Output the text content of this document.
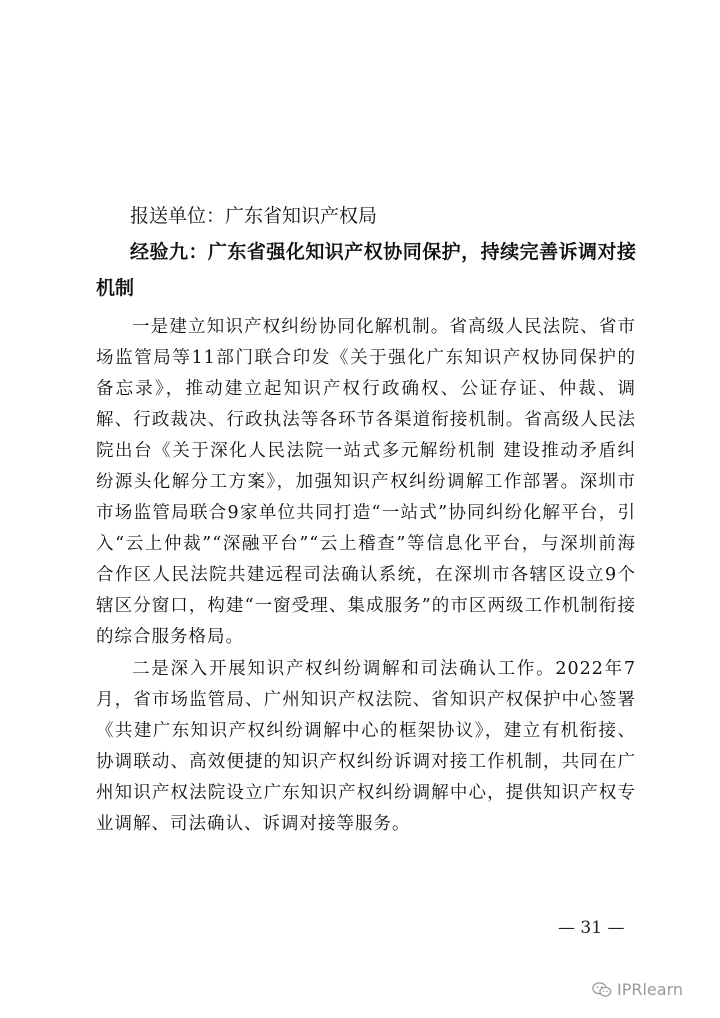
报送单位：广东省知识产权局

经验九：广东省强化知识产权协同保护，持续完善诉调对接机制

一是建立知识产权纠纷协同化解机制。省高级人民法院、省市场监管局等11部门联合印发《关于强化广东知识产权协同保护的备忘录》，推动建立起知识产权行政确权、公证存证、仲裁、调解、行政裁决、行政执法等各环节各渠道衔接机制。省高级人民法院出台《关于深化人民法院一站式多元解纷机制 建设推动矛盾纠纷源头化解分工方案》，加强知识产权纠纷调解工作部署。深圳市市场监管局联合9家单位共同打造“一站式”协同纠纷化解平台，引入“云上仲裁”“深融平台”“云上稽查”等信息化平台，与深圳前海合作区人民法院共建远程司法确认系统，在深圳市各辖区设立9个辖区分窗口，构建“一窗受理、集成服务”的市区两级工作机制衔接的综合服务格局。

二是深入开展知识产权纠纷调解和司法确认工作。2022年7月，省市场监管局、广州知识产权法院、省知识产权保护中心签署《共建广东知识产权纠纷调解中心的框架协议》，建立有机衔接、协调联动、高效便捷的知识产权纠纷诉调对接工作机制，共同在广州知识产权法院设立广东知识产权纠纷调解中心，提供知识产权专业调解、司法确认、诉调对接等服务。

— 31 —
IPRlearn
